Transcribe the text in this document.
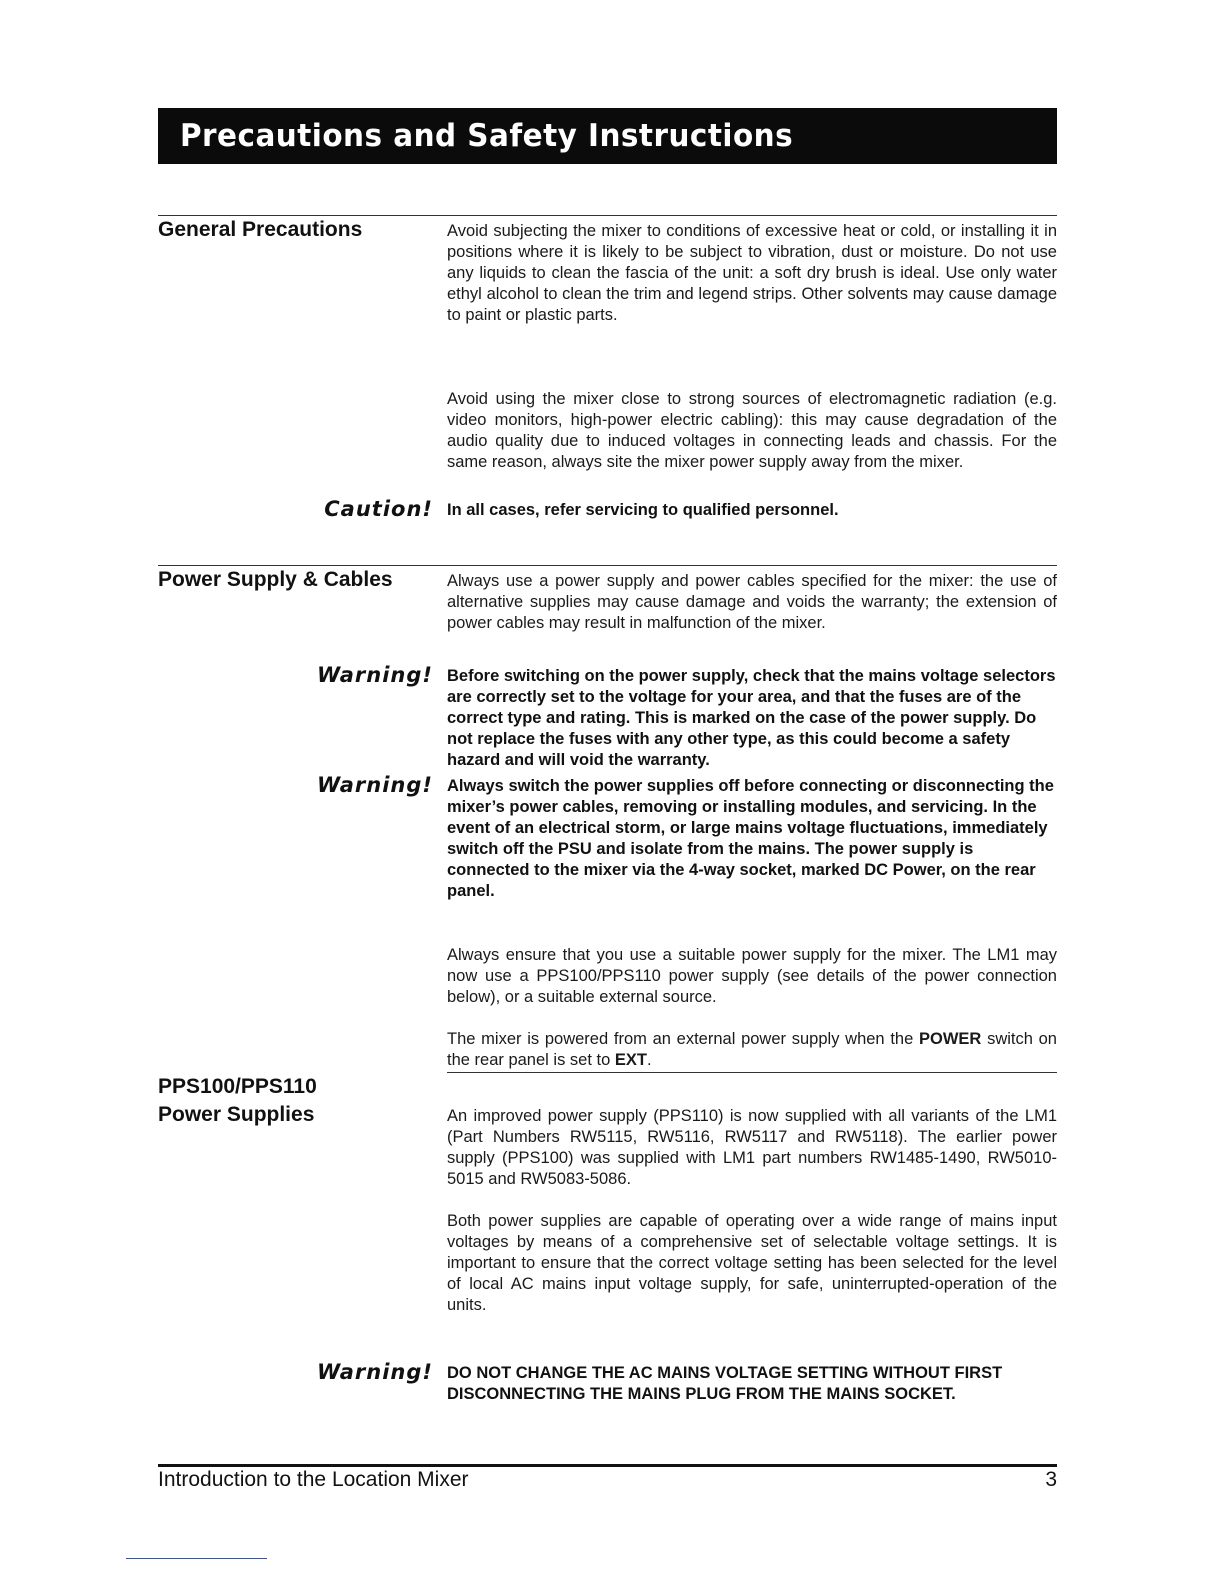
Precautions and Safety Instructions
General Precautions	Avoid subjecting the mixer to conditions of excessive heat or cold, or installing it in positions where it is likely to be subject to vibration, dust or moisture. Do not use any liquids to clean the fascia of the unit: a soft dry brush is ideal. Use only water ethyl alcohol to clean the trim and legend strips. Other solvents may cause damage to paint or plastic parts.

Avoid using the mixer close to strong sources of electromagnetic radiation (e.g. video monitors, high-power electric cabling): this may cause degradation of the audio quality due to induced voltages in connecting leads and chassis. For the same reason, always site the mixer power supply away from the mixer.

Caution! In all cases, refer servicing to qualified personnel.

Power Supply & Cables	Always use a power supply and power cables specified for the mixer: the use of alternative supplies may cause damage and voids the warranty; the extension of power cables may result in malfunction of the mixer.

Warning! Before switching on the power supply, check that the mains voltage selectors are correctly set to the voltage for your area, and that the fuses are of the correct type and rating. This is marked on the case of the power supply. Do not replace the fuses with any other type, as this could become a safety hazard and will void the warranty.

Warning! Always switch the power supplies off before connecting or disconnecting the mixer’s power cables, removing or installing modules, and servicing. In the event of an electrical storm, or large mains voltage fluctuations, immediately switch off the PSU and isolate from the mains. The power supply is connected to the mixer via the 4-way socket, marked DC Power, on the rear panel.

Always ensure that you use a suitable power supply for the mixer. The LM1 may now use a PPS100/PPS110 power supply (see details of the power connection below), or a suitable external source.

The mixer is powered from an external power supply when the POWER switch on the rear panel is set to EXT.

PPS100/PPS110
Power Supplies	An improved power supply (PPS110) is now supplied with all variants of the LM1 (Part Numbers RW5115, RW5116, RW5117 and RW5118). The earlier power supply (PPS100) was supplied with LM1 part numbers RW1485-1490, RW5010-5015 and RW5083-5086.

Both power supplies are capable of operating over a wide range of mains input voltages by means of a comprehensive set of selectable voltage settings. It is important to ensure that the correct voltage setting has been selected for the level of local AC mains input voltage supply, for safe, uninterrupted-operation of the units.

Warning! DO NOT CHANGE THE AC MAINS VOLTAGE SETTING WITHOUT FIRST DISCONNECTING THE MAINS PLUG FROM THE MAINS SOCKET.

Introduction to the Location Mixer	3
